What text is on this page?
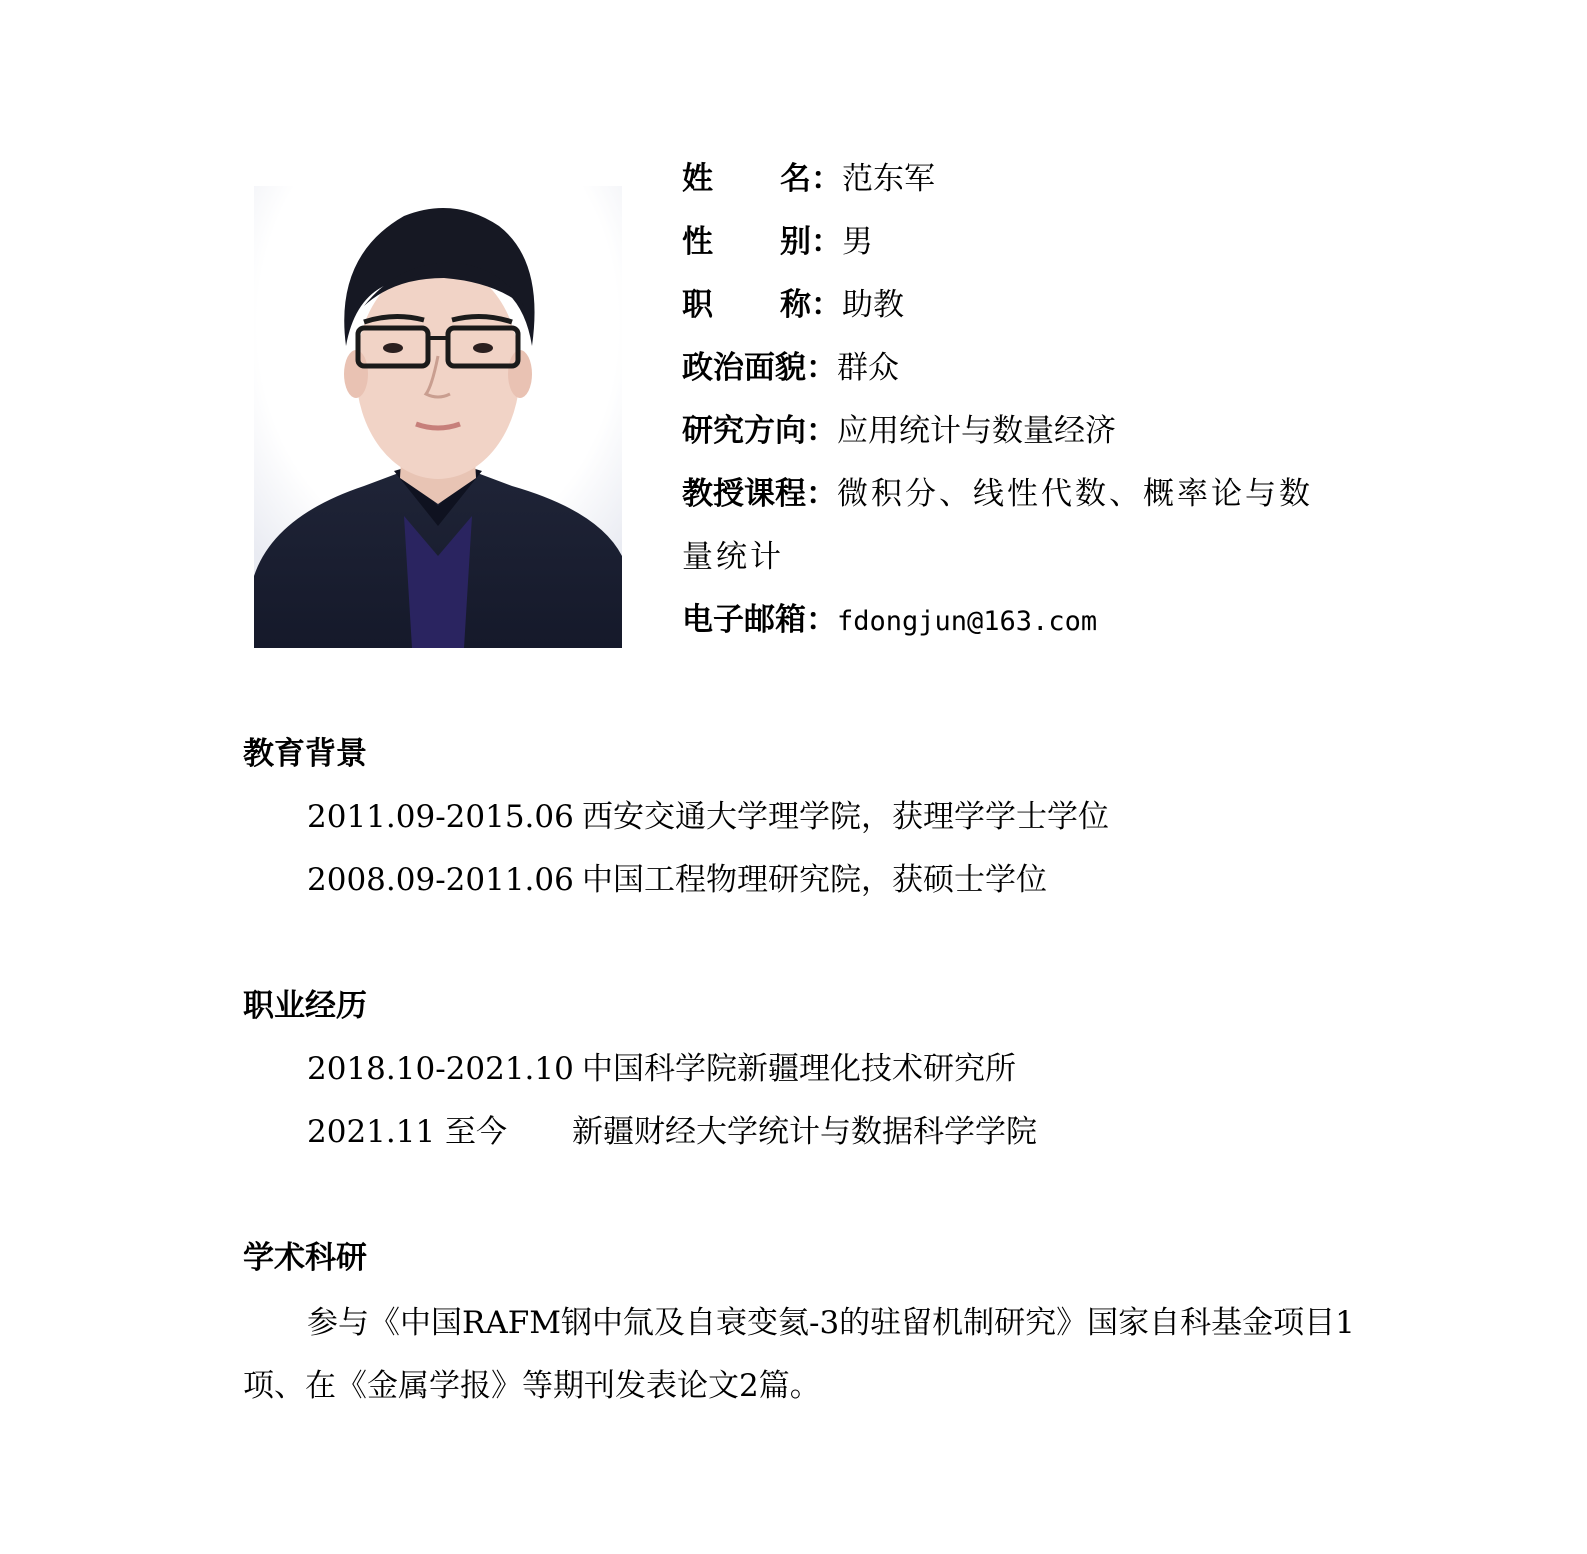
姓 名： 范东军
性 别： 男
职 称： 助教
政治面貌：群众
研究方向：应用统计与数量经济
教授课程：微积分、线性代数、概率论与数量统计
电子邮箱：fdongjun@163.com
教育背景
2011.09-2015.06 西安交通大学理学院，获理学学士学位
2008.09-2011.06 中国工程物理研究院，获硕士学位
职业经历
2018.10-2021.10 中国科学院新疆理化技术研究所
2021.11 至今 新疆财经大学统计与数据科学学院
学术科研
参与《中国RAFM钢中氚及自衰变氦-3的驻留机制研究》国家自科基金项目1项、在《金属学报》等期刊发表论文2篇。
